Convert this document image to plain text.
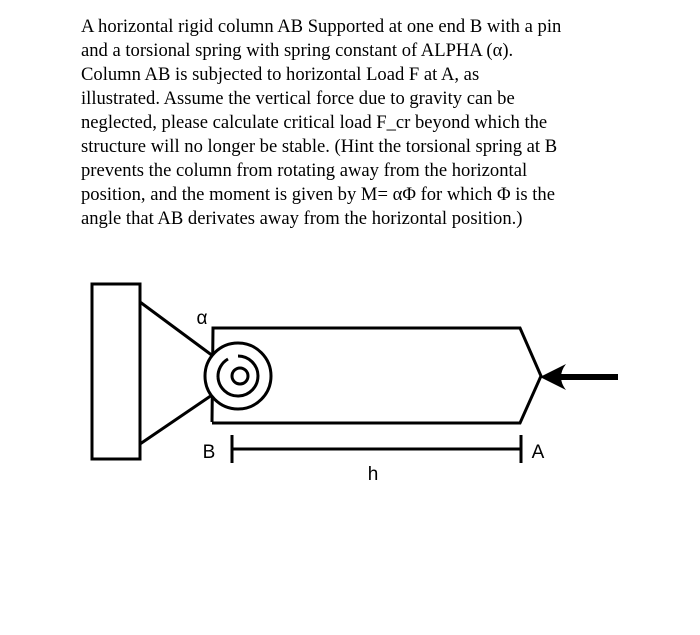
A horizontal rigid column AB Supported at one end B with a pin
and a torsional spring with spring constant of ALPHA (α).
Column AB is subjected to horizontal Load F at A, as
illustrated. Assume the vertical force due to gravity can be
neglected, please calculate critical load F_cr beyond which the
structure will no longer be stable. (Hint the torsional spring at B
prevents the column from rotating away from the horizontal
position, and the moment is given by M= αΦ for which Φ is the
angle that AB derivates away from the horizontal position.)

α
B	A
h
